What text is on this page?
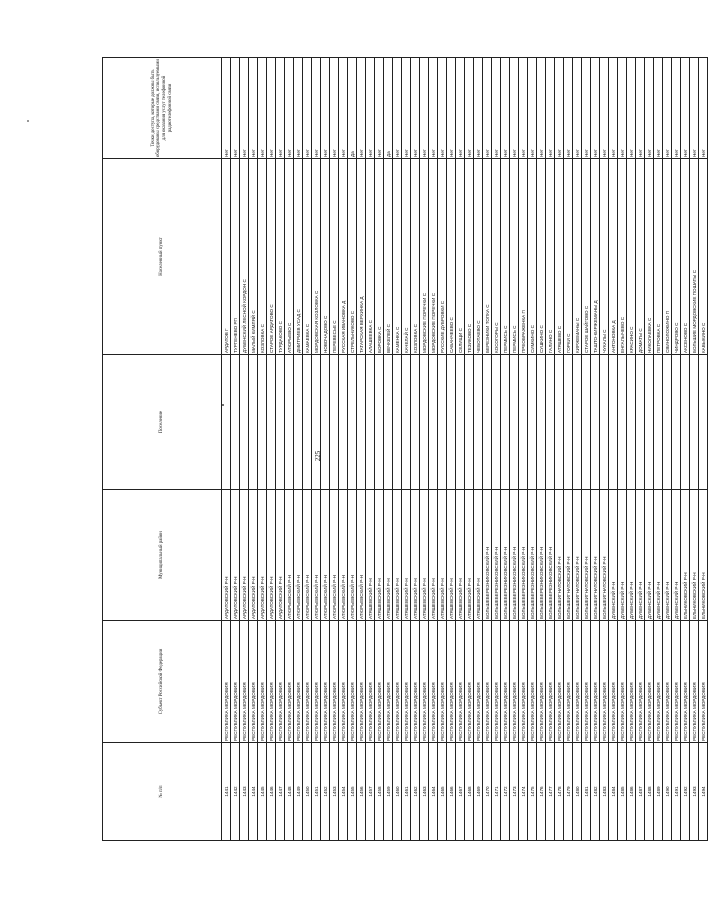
225
№ п/п	Субъект Российской Федерации	Муниципальный район	Поселение	Населенный пункт	Точки доступа, которые должны быть оборудованы средствами связи, используемыми для оказания услуг телефонной радиотелефонной связи
1441	РЕСПУБЛИКА МОРДОВИЯ	АРДАТОВСКИЙ Р-Н		АРДАТОВ Г	Нет
1442	РЕСПУБЛИКА МОРДОВИЯ	АРДАТОВСКИЙ Р-Н		ТУРГЕНЕВО РП	Нет
1443	РЕСПУБЛИКА МОРДОВИЯ	АРДАТОВСКИЙ Р-Н		ДУБЕНСКИЙ ЛЕСНОЙ КОРДОН С	Нет
1444	РЕСПУБЛИКА МОРДОВИЯ	АРДАТОВСКИЙ Р-Н		МАЛЫЙ КИМЛЯЙ С	Нет
1445	РЕСПУБЛИКА МОРДОВИЯ	АРДАТОВСКИЙ Р-Н		КОЗЛОВКА С	Нет
1446	РЕСПУБЛИКА МОРДОВИЯ	АРДАТОВСКИЙ Р-Н		СТАРОЕ АРДАТОВО С	Нет
1447	РЕСПУБЛИКА МОРДОВИЯ	АРДАТОВСКИЙ Р-Н		ТУРДАКОВО С	Нет
1448	РЕСПУБЛИКА МОРДОВИЯ	АТЮРЬЕВСКИЙ Р-Н		АТЮРЬЕВО С	Нет
1449	РЕСПУБЛИКА МОРДОВИЯ	АТЮРЬЕВСКИЙ Р-Н		ДМИТРИЕВ УСАД С	Нет
1450	РЕСПУБЛИКА МОРДОВИЯ	АТЮРЬЕВСКИЙ Р-Н		КАМАЕВКА С	Нет
1451	РЕСПУБЛИКА МОРДОВИЯ	АТЮРЬЕВСКИЙ Р-Н		МОРДОВСКАЯ КОЗЛОВКА С	Нет
1452	РЕСПУБЛИКА МОРДОВИЯ	АТЮРЬЕВСКИЙ Р-Н		НОВОЧАДОВО С	Нет
1453	РЕСПУБЛИКА МОРДОВИЯ	АТЮРЬЕВСКИЙ Р-Н		ПЕРЕВЕСЬЕ С	Нет
1454	РЕСПУБЛИКА МОРДОВИЯ	АТЮРЬЕВСКИЙ Р-Н		РУССКАЯ ИВАНОВКА Д	Нет
1455	РЕСПУБЛИКА МОРДОВИЯ	АТЮРЬЕВСКИЙ Р-Н		СТРЕЛЬНИКОВО С	Да
1456	РЕСПУБЛИКА МОРДОВИЯ	АТЮРЬЕВСКИЙ Р-Н		ТАТАРСКАЯ ВЕРХИНКА Д	Нет
1457	РЕСПУБЛИКА МОРДОВИЯ	АТЯШЕВСКИЙ Р-Н		АЛАШЕЕВКА С	Нет
1458	РЕСПУБЛИКА МОРДОВИЯ	АТЯШЕВСКИЙ Р-Н		БОРОВКА С	Нет
1459	РЕСПУБЛИКА МОРДОВИЯ	АТЯШЕВСКИЙ Р-Н		ВЕЧКЕЛЕЙ С	Да
1460	РЕСПУБЛИКА МОРДОВИЯ	АТЯШЕВСКИЙ Р-Н		КАМЕНКА С	Нет
1461	РЕСПУБЛИКА МОРДОВИЯ	АТЯШЕВСКИЙ Р-Н		КАЧЕЛАЙ С	Нет
1462	РЕСПУБЛИКА МОРДОВИЯ	АТЯШЕВСКИЙ Р-Н		КОЗЛОВКА С	Нет
1463	РЕСПУБЛИКА МОРДОВИЯ	АТЯШЕВСКИЙ Р-Н		МОРДОВСКИЕ ПОРЕЧКИ С	Нет
1464	РЕСПУБЛИКА МОРДОВИЯ	АТЯШЕВСКИЙ Р-Н		МОРДОВСКИЕ ПОРЕЧКИ С	Нет
1465	РЕСПУБЛИКА МОРДОВИЯ	АТЯШЕВСКИЙ Р-Н		РУССКИЕ ДУБРОВКИ С	Нет
1466	РЕСПУБЛИКА МОРДОВИЯ	АТЯШЕВСКИЙ Р-Н		САБАНЧЕЕВО С	Нет
1467	РЕСПУБЛИКА МОРДОВИЯ	АТЯШЕВСКИЙ Р-Н		СЕЛИЩИ С	Нет
1468	РЕСПУБЛИКА МОРДОВИЯ	АТЯШЕВСКИЙ Р-Н		ТЕЗИКОВО С	Нет
1469	РЕСПУБЛИКА МОРДОВИЯ	АТЯШЕВСКИЙ Р-Н		ЧЕБОТАЕВО С	Нет
1470	РЕСПУБЛИКА МОРДОВИЯ	БОЛЬШЕБЕРЕЗНИКОВСКИЙ Р-Н		БЕРЕЗНИКИ ТОПКА С	Нет
1471	РЕСПУБЛИКА МОРДОВИЯ	БОЛЬШЕБЕРЕЗНИКОВСКИЙ Р-Н		КОСОГОРЫ С	Нет
1472	РЕСПУБЛИКА МОРДОВИЯ	БОЛЬШЕБЕРЕЗНИКОВСКИЙ Р-Н		ПЕРМИСЬ С	Нет
1473	РЕСПУБЛИКА МОРДОВИЯ	БОЛЬШЕБЕРЕЗНИКОВСКИЙ Р-Н		ПЕРМИСЬ С	Нет
1474	РЕСПУБЛИКА МОРДОВИЯ	БОЛЬШЕБЕРЕЗНИКОВСКИЙ Р-Н		ПРЕОБРАЖЕНКА П	Нет
1475	РЕСПУБЛИКА МОРДОВИЯ	БОЛЬШЕБЕРЕЗНИКОВСКИЙ Р-Н		СИМКИНО С	Нет
1476	РЕСПУБЛИКА МОРДОВИЯ	БОЛЬШЕБЕРЕЗНИКОВСКИЙ Р-Н		СУШКИНО С	Нет
1477	РЕСПУБЛИКА МОРДОВИЯ	БОЛЬШЕБЕРЕЗНИКОВСКИЙ Р-Н		ГАЛИНО С	Нет
1478	РЕСПУБЛИКА МОРДОВИЯ	БОЛЬШЕИГНАТОВСКИЙ Р-Н		АТЯШЕВО С	Нет
1479	РЕСПУБЛИКА МОРДОВИЯ	БОЛЬШЕИГНАТОВСКИЙ Р-Н		ГОРКИ С	Нет
1480	РЕСПУБЛИКА МОРДОВИЯ	БОЛЬШЕИГНАТОВСКИЙ Р-Н		КИРЖЕМАНЫ С	Нет
1481	РЕСПУБЛИКА МОРДОВИЯ	БОЛЬШЕИГНАТОВСКИЙ Р-Н		СТАРОЕ ШАЙГОВО С	Нет
1482	РЕСПУБЛИКА МОРДОВИЯ	БОЛЬШЕИГНАТОВСКИЙ Р-Н		ТАШТО-КИРЖЕМАНЫ Д	Нет
1483	РЕСПУБЛИКА МОРДОВИЯ	БОЛЬШЕИГНАТОВСКИЙ Р-Н		ЧУКАЛЫ С	Нет
1484	РЕСПУБЛИКА МОРДОВИЯ	ДУБЕНСКИЙ Р-Н		АНТОНОВКА Д	Нет
1485	РЕСПУБЛИКА МОРДОВИЯ	ДУБЕНСКИЙ Р-Н		ЕНГАЛЫЧЕВО С	Нет
1486	РЕСПУБЛИКА МОРДОВИЯ	ДУБЕНСКИЙ Р-Н		КРАСИНО С	Нет
1487	РЕСПУБЛИКА МОРДОВИЯ	ДУБЕНСКИЙ Р-Н		ДОМАТЫ С	Нет
1488	РЕСПУБЛИКА МОРДОВИЯ	ДУБЕНСКИЙ Р-Н		НИКОЛАЕВКА С	Нет
1489	РЕСПУБЛИКА МОРДОВИЯ	ДУБЕНСКИЙ Р-Н		ПЕТРОВКА С	Нет
1490	РЕСПУБЛИКА МОРДОВИЯ	ДУБЕНСКИЙ Р-Н		СВИНОЛОЖИНО П	Нет
1491	РЕСПУБЛИКА МОРДОВИЯ	ДУБЕНСКИЙ Р-Н		ЧИНДРОВО С	Нет
1492	РЕСПУБЛИКА МОРДОВИЯ	ЕЛЬНИКОВСКИЙ Р-Н		АКСЕНОВО С	Нет
1493	РЕСПУБЛИКА МОРДОВИЯ	ЕЛЬНИКОВСКИЙ Р-Н		БОЛЬШИЕ МОРДОВСКИЕ ПОШАТЫ С	Нет
1494	РЕСПУБЛИКА МОРДОВИЯ	ЕЛЬНИКОВСКИЙ Р-Н		КАВЫКИНО С	Нет
